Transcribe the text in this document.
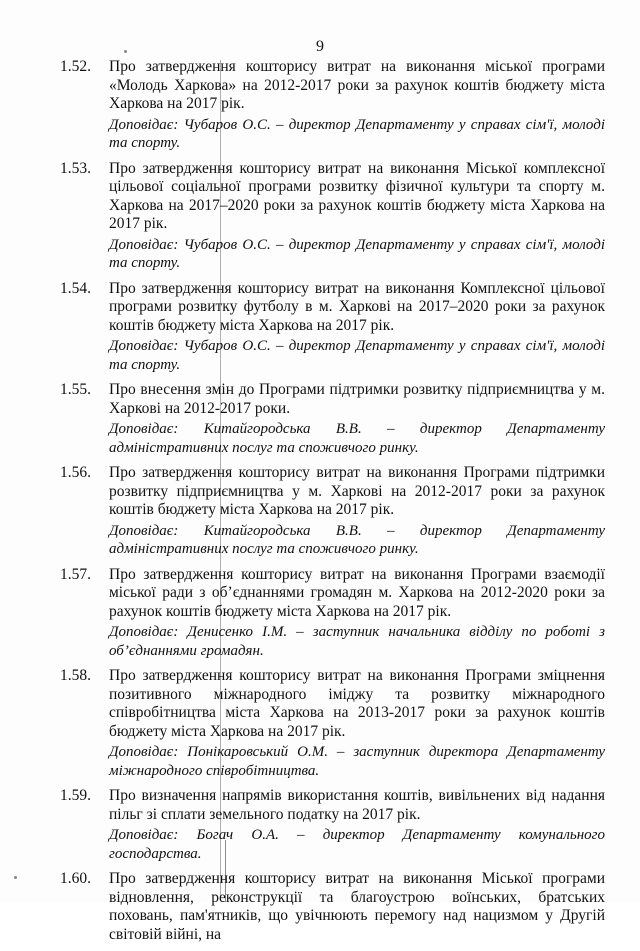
9
1.52. Про затвердження кошторису витрат на виконання міської програми «Молодь Харкова» на 2012-2017 роки за рахунок коштів бюджету міста Харкова на 2017 рік.

Доповідає: Чубаров О.С. – директор Департаменту у справах сім'ї, молоді та спорту.

1.53. Про затвердження кошторису витрат на виконання Міської комплексної цільової соціальної програми розвитку фізичної культури та спорту м. Харкова на 2017–2020 роки за рахунок коштів бюджету міста Харкова на 2017 рік.

Доповідає: Чубаров О.С. – директор Департаменту у справах сім'ї, молоді та спорту.

1.54. Про затвердження кошторису витрат на виконання Комплексної цільової програми розвитку футболу в м. Харкові на 2017–2020 роки за рахунок коштів бюджету міста Харкова на 2017 рік.

Доповідає: Чубаров О.С. – директор Департаменту у справах сім'ї, молоді та спорту.

1.55. Про внесення змін до Програми підтримки розвитку підприємництва у м. Харкові на 2012-2017 роки.

Доповідає: Китайгородська В.В. – директор Департаменту адміністративних послуг та споживчого ринку.

1.56. Про затвердження кошторису витрат на виконання Програми підтримки розвитку підприємництва у м. Харкові на 2012-2017 роки за рахунок коштів бюджету міста Харкова на 2017 рік.

Доповідає: Китайгородська В.В. – директор Департаменту адміністративних послуг та споживчого ринку.

1.57. Про затвердження кошторису витрат на виконання Програми взаємодії міської ради з об’єднаннями громадян м. Харкова на 2012-2020 роки за рахунок коштів бюджету міста Харкова на 2017 рік.

Доповідає: Денисенко І.М. – заступник начальника відділу по роботі з об’єднаннями громадян.

1.58. Про затвердження кошторису витрат на виконання Програми зміцнення позитивного міжнародного іміджу та розвитку міжнародного співробітництва міста Харкова на 2013-2017 роки за рахунок коштів бюджету міста Харкова на 2017 рік.

Доповідає: Понікаровський О.М. – заступник директора Департаменту міжнародного співробітництва.

1.59. Про визначення напрямів використання коштів, вивільнених від надання пільг зі сплати земельного податку на 2017 рік.

Доповідає: Богач О.А. – директор Департаменту комунального господарства.

1.60. Про затвердження кошторису витрат на виконання Міської програми відновлення, реконструкції та благоустрою воїнських, братських поховань, пам'ятників, що увічнюють перемогу над нацизмом у Другій світовій війні, на
